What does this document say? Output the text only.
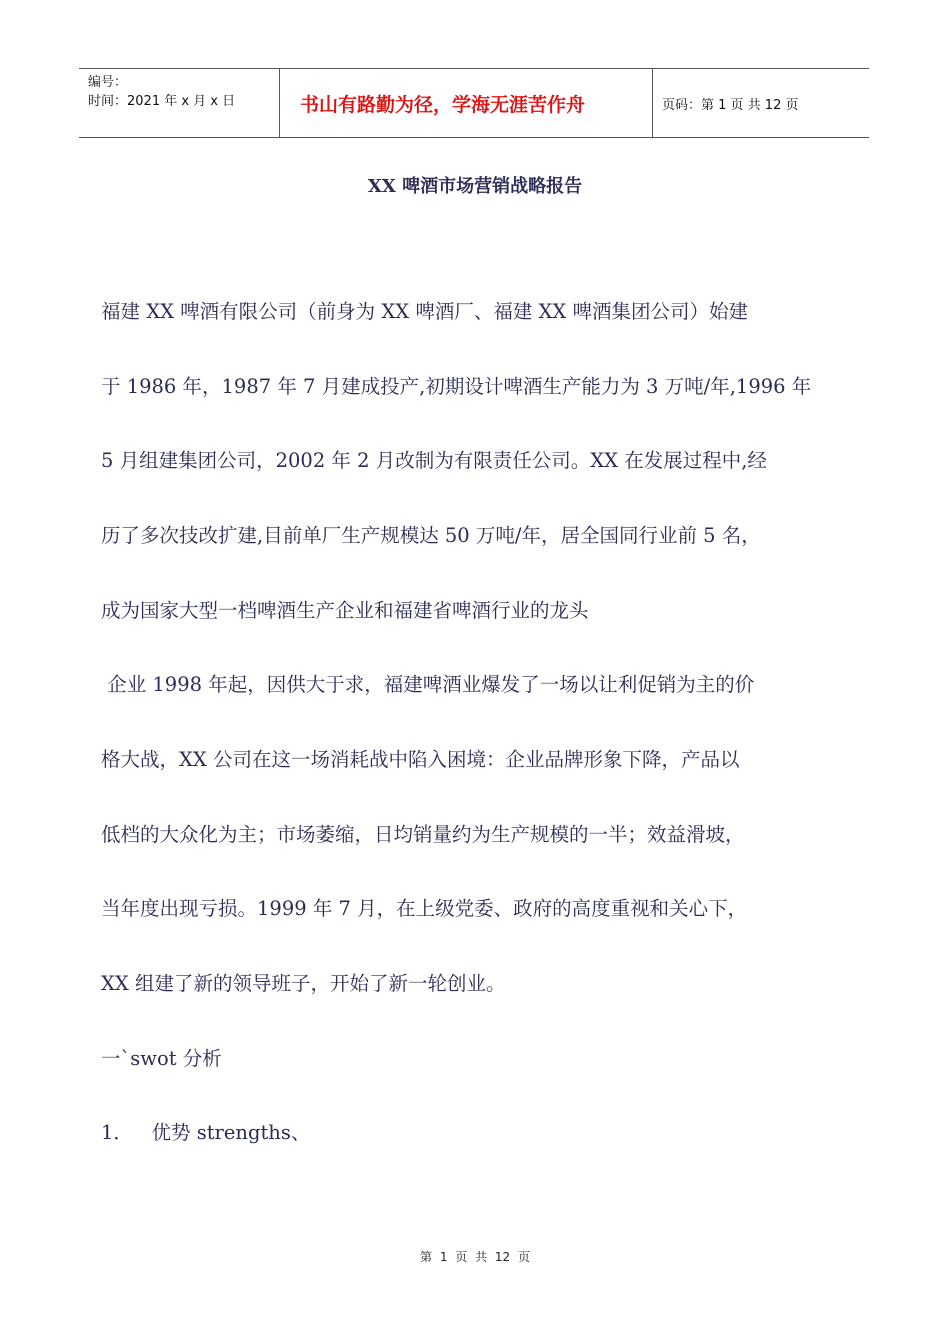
编号：
时间：2021 年 x 月 x 日	书山有路勤为径，学海无涯苦作舟	页码：第 1 页 共 12 页
XX 啤酒市场营销战略报告
福建 XX 啤酒有限公司（前身为 XX 啤酒厂、福建 XX 啤酒集团公司）始建
于 1986 年，1987 年 7 月建成投产,初期设计啤酒生产能力为 3 万吨/年,1996 年
5 月组建集团公司，2002 年 2 月改制为有限责任公司。XX 在发展过程中,经
历了多次技改扩建,目前单厂生产规模达 50 万吨/年，居全国同行业前 5 名，
成为国家大型一档啤酒生产企业和福建省啤酒行业的龙头
企业 1998 年起，因供大于求，福建啤酒业爆发了一场以让利促销为主的价
格大战，XX 公司在这一场消耗战中陷入困境：企业品牌形象下降，产品以
低档的大众化为主；市场萎缩，日均销量约为生产规模的一半；效益滑坡，
当年度出现亏损。1999 年 7 月，在上级党委、政府的高度重视和关心下，
XX 组建了新的领导班子，开始了新一轮创业。
一`swot 分析
1．   优势 strengths、
第 1 页 共 12 页
